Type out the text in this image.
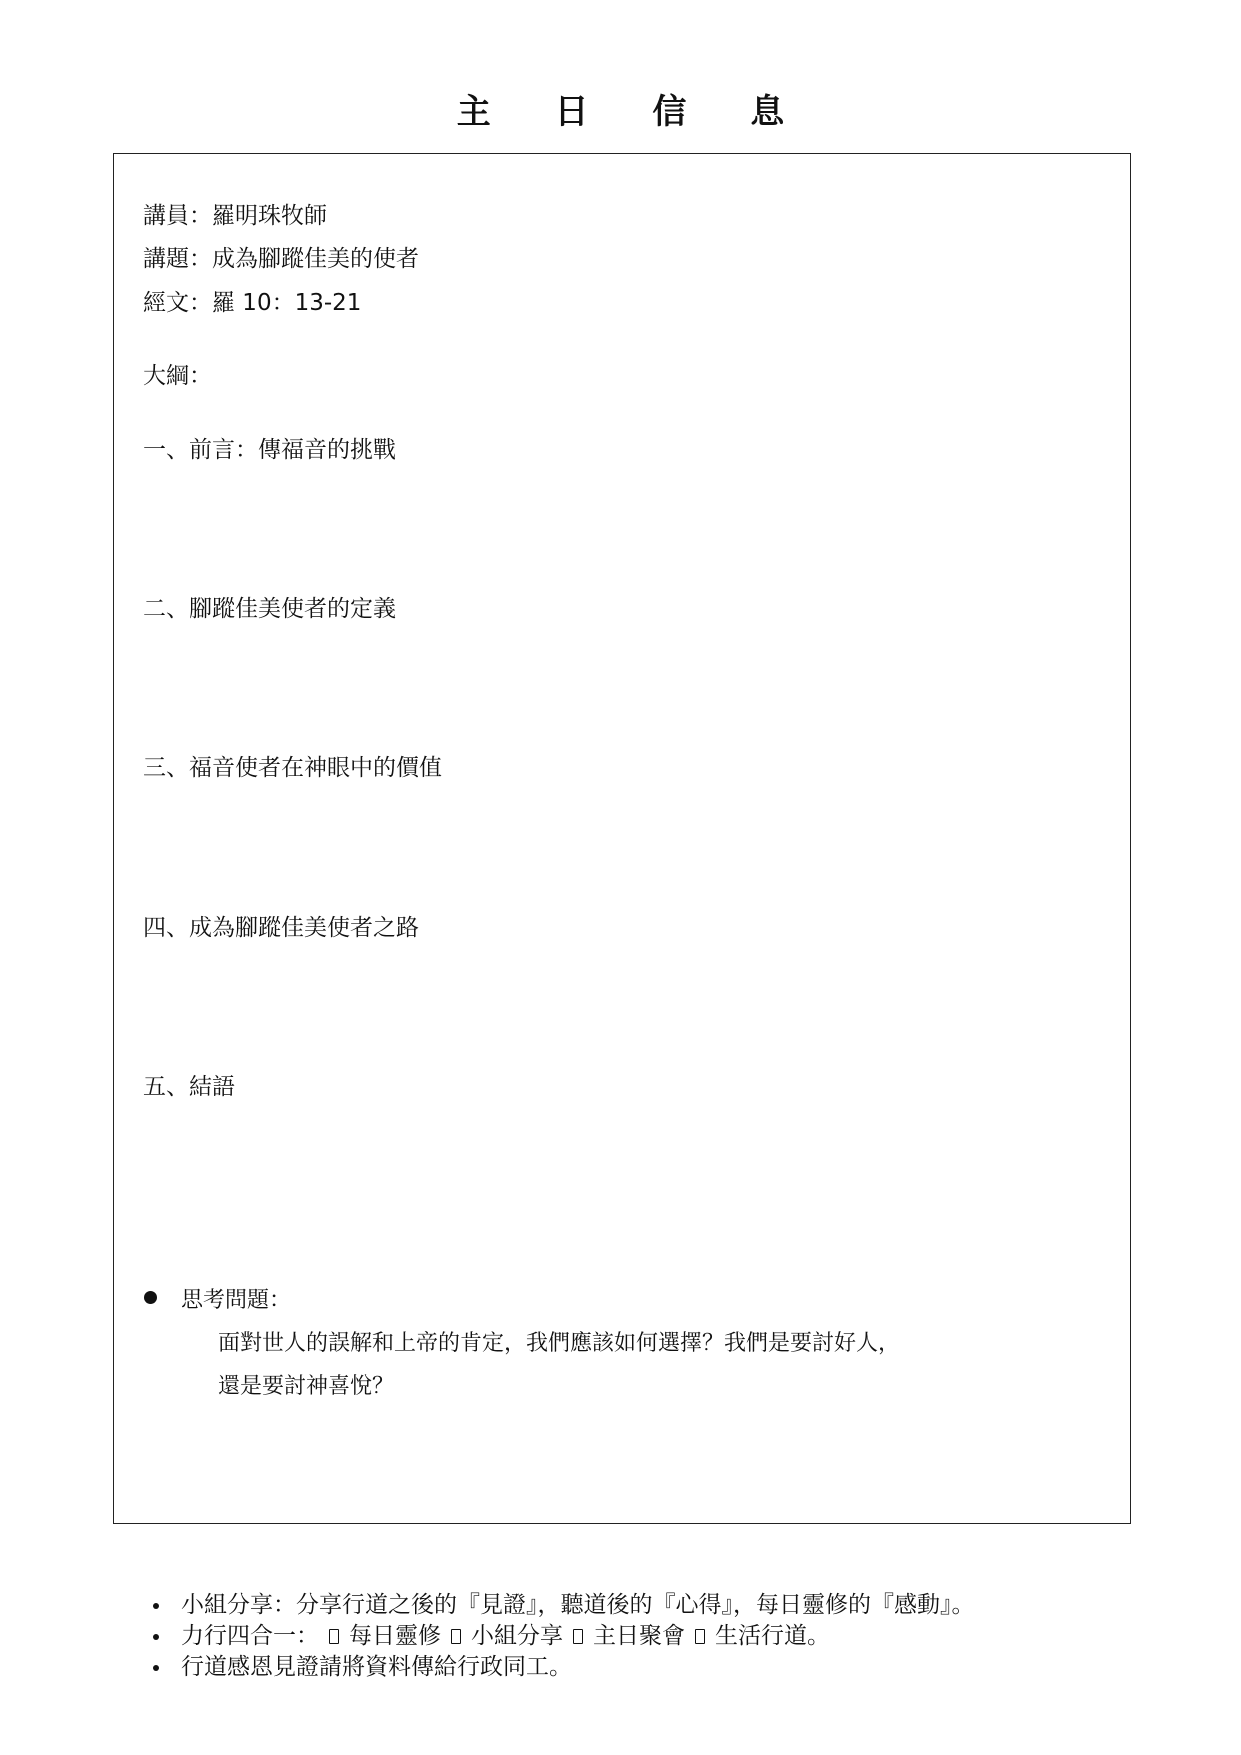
主 日 信 息
講員：羅明珠牧師
講題：成為腳蹤佳美的使者
經文：羅 10：13-21
大綱：
一、前言：傳福音的挑戰
二、腳蹤佳美使者的定義
三、福音使者在神眼中的價值
四、成為腳蹤佳美使者之路
五、結語
思考問題：
面對世人的誤解和上帝的肯定，我們應該如何選擇？我們是要討好人，
還是要討神喜悅？
小組分享：分享行道之後的『見證』，聽道後的『心得』，每日靈修的『感動』。
力行四合一： 每日靈修 小組分享 主日聚會 生活行道。
行道感恩見證請將資料傳給行政同工。
